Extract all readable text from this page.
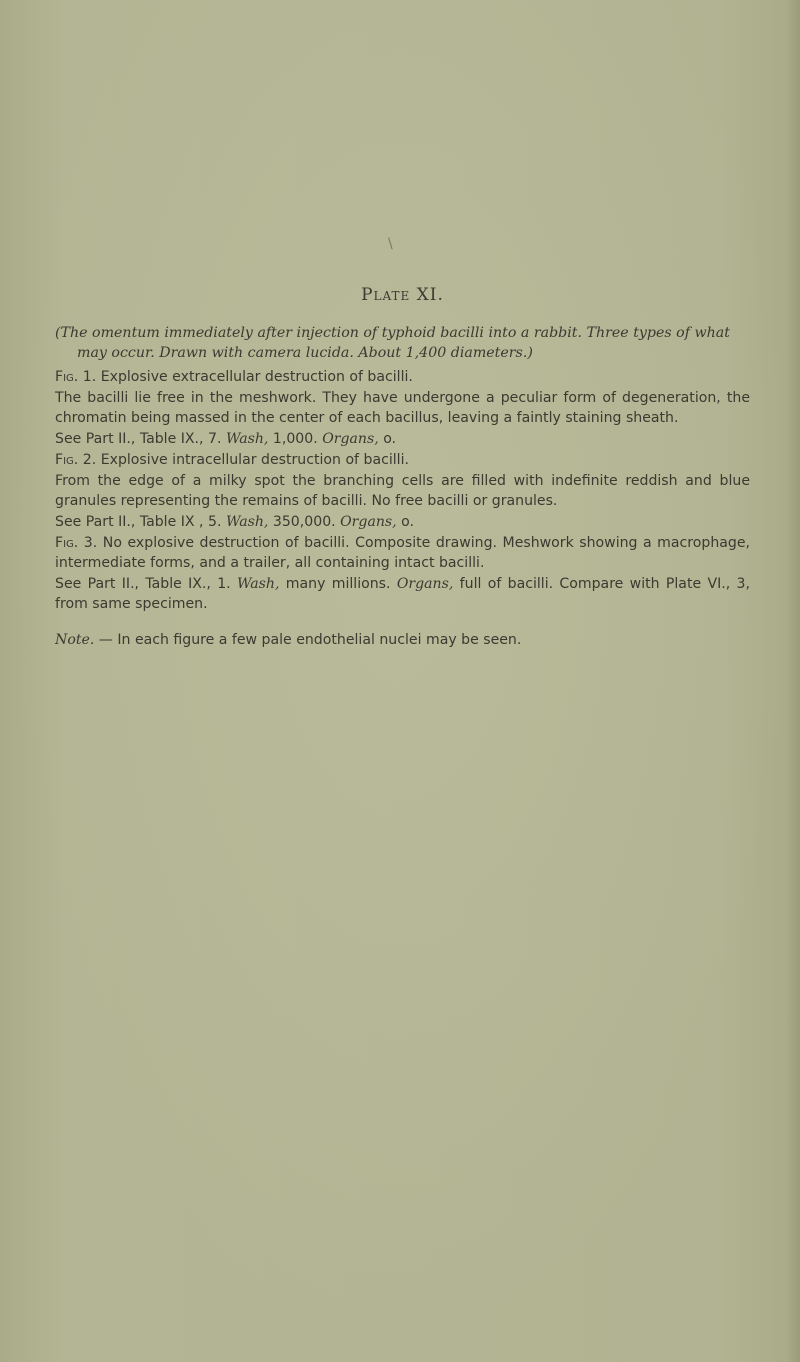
\
Plate XI.
(The omentum immediately after injection of typhoid bacilli into a rabbit. Three types of what may occur. Drawn with camera lucida. About 1,400 diameters.)
Fig. 1. Explosive extracellular destruction of bacilli.
The bacilli lie free in the meshwork. They have undergone a peculiar form of degeneration, the chromatin being massed in the center of each bacillus, leaving a faintly staining sheath.
See Part II., Table IX., 7. Wash, 1,000. Organs, o.
Fig. 2. Explosive intracellular destruction of bacilli.
From the edge of a milky spot the branching cells are filled with indefinite reddish and blue granules representing the remains of bacilli. No free bacilli or granules.
See Part II., Table IX , 5. Wash, 350,000. Organs, o.
Fig. 3. No explosive destruction of bacilli. Composite drawing. Meshwork showing a macrophage, intermediate forms, and a trailer, all containing intact bacilli.
See Part II., Table IX., 1. Wash, many millions. Organs, full of bacilli. Compare with Plate VI., 3, from same specimen.
Note. — In each figure a few pale endothelial nuclei may be seen.
